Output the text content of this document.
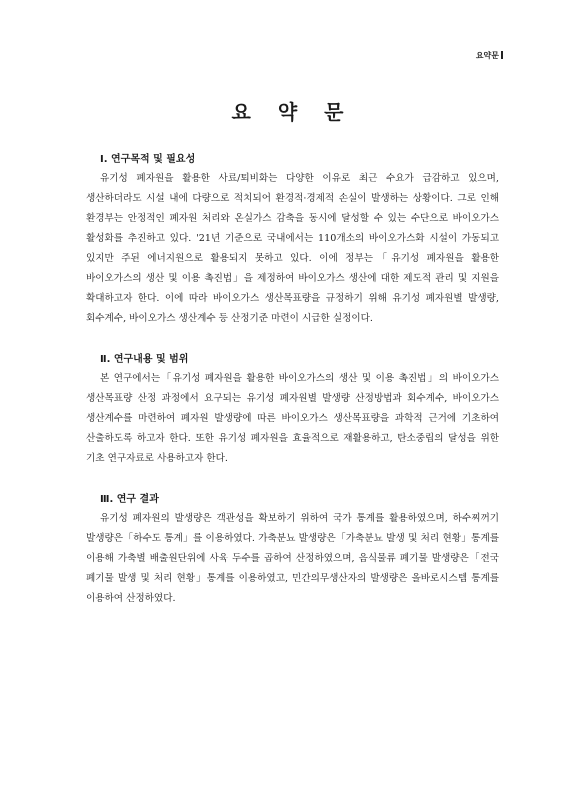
요약문
요 약 문
Ⅰ. 연구목적 및 필요성

유기성 폐자원을 활용한 사료/퇴비화는 다양한 이유로 최근 수요가 급감하고 있으며, 생산하더라도 시설 내에 다량으로 적치되어 환경적·경제적 손실이 발생하는 상황이다. 그로 인해 환경부는 안정적인 폐자원 처리와 온실가스 감축을 동시에 달성할 수 있는 수단으로 바이오가스 활성화를 추진하고 있다. '21년 기준으로 국내에서는 110개소의 바이오가스화 시설이 가동되고 있지만 주된 에너지원으로 활용되지 못하고 있다. 이에 정부는「유기성 폐자원을 활용한 바이오가스의 생산 및 이용 촉진법」을 제정하여 바이오가스 생산에 대한 제도적 관리 및 지원을 확대하고자 한다. 이에 따라 바이오가스 생산목표량을 규정하기 위해 유기성 폐자원별 발생량, 회수계수, 바이오가스 생산계수 등 산정기준 마련이 시급한 실정이다.

Ⅱ. 연구내용 및 범위

본 연구에서는「유기성 폐자원을 활용한 바이오가스의 생산 및 이용 촉진법」의 바이오가스 생산목표량 산정 과정에서 요구되는 유기성 폐자원별 발생량 산정방법과 회수계수, 바이오가스 생산계수를 마련하여 폐자원 발생량에 따른 바이오가스 생산목표량을 과학적 근거에 기초하여 산출하도록 하고자 한다. 또한 유기성 폐자원을 효율적으로 재활용하고, 탄소중립의 달성을 위한 기초 연구자료로 사용하고자 한다.

Ⅲ. 연구 결과

유기성 폐자원의 발생량은 객관성을 확보하기 위하여 국가 통계를 활용하였으며, 하수찌꺼기 발생량은「하수도 통계」를 이용하였다. 가축분뇨 발생량은「가축분뇨 발생 및 처리 현황」통계를 이용해 가축별 배출원단위에 사육 두수를 곱하여 산정하였으며, 음식물류 폐기물 발생량은「전국 폐기물 발생 및 처리 현황」통계를 이용하였고, 민간의무생산자의 발생량은 올바로시스템 통계를 이용하여 산정하였다.
